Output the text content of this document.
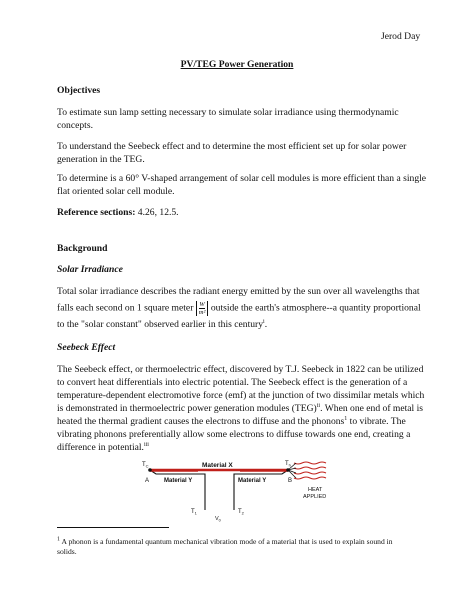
Jerod Day

PV/TEG Power Generation

Objectives

To estimate sun lamp setting necessary to simulate solar irradiance using thermodynamic concepts.

To understand the Seebeck effect and to determine the most efficient set up for solar power generation in the TEG.

To determine is a 60° V-shaped arrangement of solar cell modules is more efficient than a single flat oriented solar cell module.

Reference sections: 4.26, 12.5.

Background

Solar Irradiance

Total solar irradiance describes the radiant energy emitted by the sun over all wavelengths that

falls each second on 1 square meter $\frac{W}{\text{m²}}$ outside the earth's atmosphere--a quantity proportional

to the "solar constant" observed earlier in this century$^i$.

Seebeck Effect

The Seebeck effect, or thermoelectric effect, discovered by T.J. Seebeck in 1822 can be utilized

to convert heat differentials into electric potential. The Seebeck effect is the generation of a

temperature-dependent electromotive force (emf) at the junction of two dissimilar metals which

is demonstrated in thermoelectric power generation modules (TEG)$^{ii}$. When one end of metal is

heated the thermal gradient causes the electrons to diffuse and the phonons$^1$ to vibrate. The

vibrating phonons preferentially allow some electrons to diffuse towards one end, creating a

difference in potential.$^{iii}$

$T_C$	$T_h$
Material X
Material Y	Material Y
A	B
HEAT
APPLIED
$T_1$	$T_2$
$V_0$

$^1$ A phonon is a fundamental quantum mechanical vibration mode of a material that is used to explain sound in

solids.
